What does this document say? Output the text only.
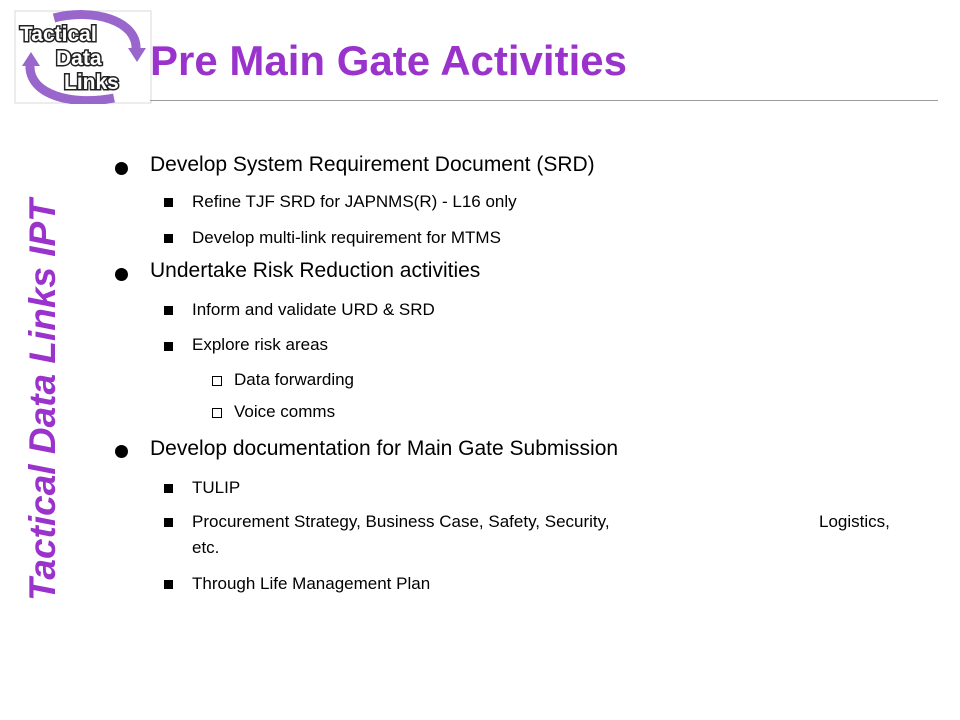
Tactical
Data
Links Pre Main Gate Activities
Tactical Data Links IPT
Develop System Requirement Document (SRD)
Refine TJF SRD for JAPNMS(R) - L16 only
Develop multi-link requirement for MTMS
Undertake Risk Reduction activities
Inform and validate URD & SRD
Explore risk areas
Data forwarding
Voice comms
Develop documentation for Main Gate Submission
TULIP
Procurement Strategy, Business Case, Safety, Security,	Logistics,
etc.
Through Life Management Plan
